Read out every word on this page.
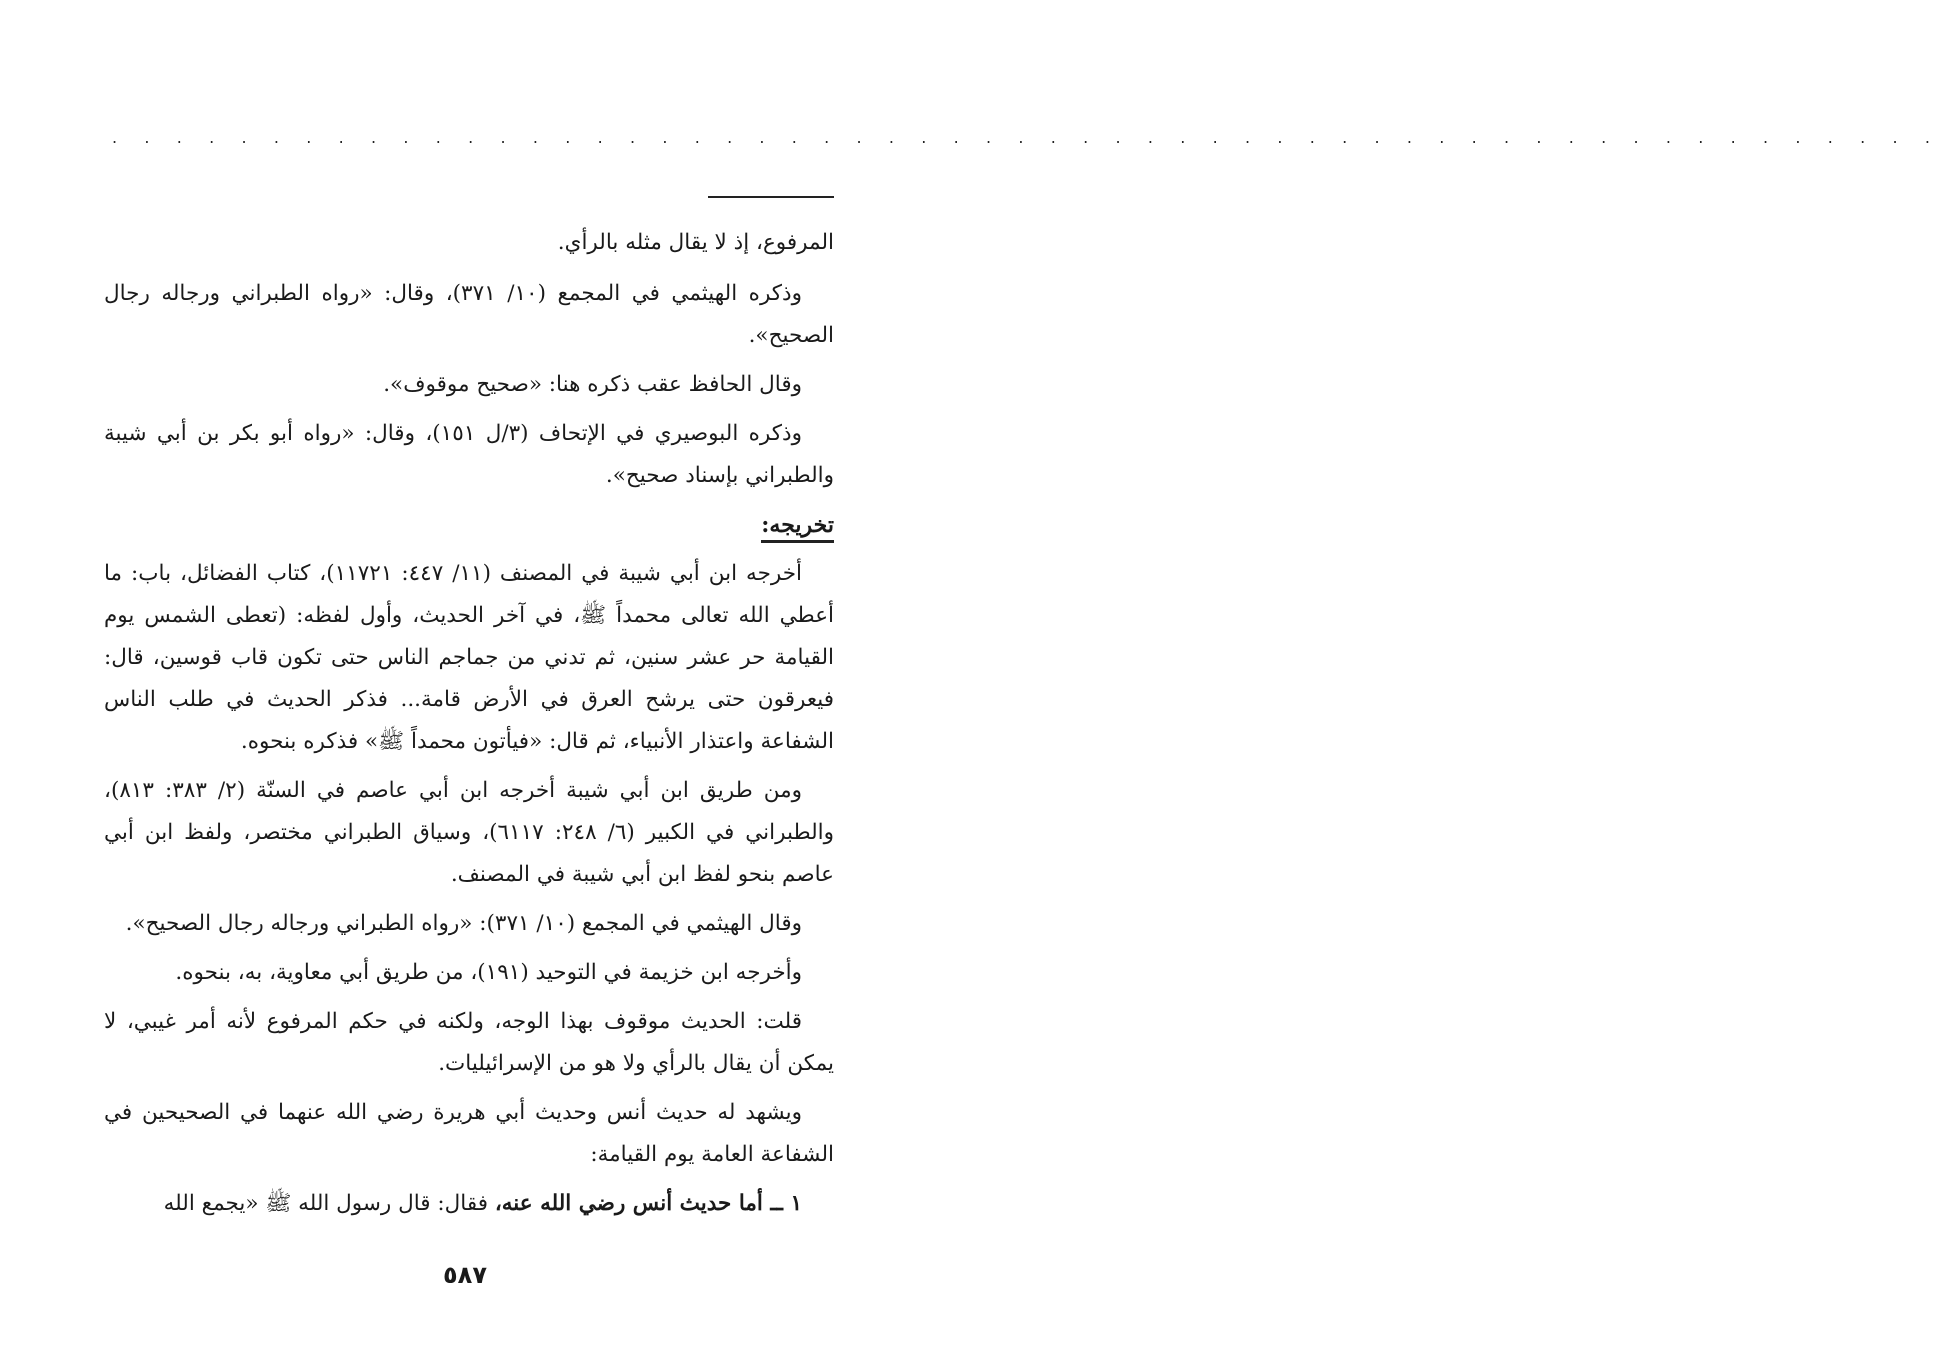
. . . . . . . . . . . . . . . . . . . . . . . . . . . . . . . . . . . . . . . . . . . . . . . . . . . . . . . . .

المرفوع، إذ لا يقال مثله بالرأي.

وذكره الهيثمي في المجمع (١٠/ ٣٧١)، وقال: «رواه الطبراني ورجاله رجال الصحيح».

وقال الحافظ عقب ذكره هنا: «صحيح موقوف».

وذكره البوصيري في الإتحاف (٣/ل ١٥١)، وقال: «رواه أبو بكر بن أبي شيبة والطبراني بإسناد صحيح».

تخريجه:

أخرجه ابن أبي شيبة في المصنف (١١/ ٤٤٧: ١١٧٢١)، كتاب الفضائل، باب: ما أعطي الله تعالى محمداً ﷺ، في آخر الحديث، وأول لفظه: (تعطى الشمس يوم القيامة حر عشر سنين، ثم تدني من جماجم الناس حتى تكون قاب قوسين، قال: فيعرقون حتى يرشح العرق في الأرض قامة... فذكر الحديث في طلب الناس الشفاعة واعتذار الأنبياء، ثم قال: «فيأتون محمداً ﷺ» فذكره بنحوه.

ومن طريق ابن أبي شيبة أخرجه ابن أبي عاصم في السنّة (٢/ ٣٨٣: ٨١٣)، والطبراني في الكبير (٦/ ٢٤٨: ٦١١٧)، وسياق الطبراني مختصر، ولفظ ابن أبي عاصم بنحو لفظ ابن أبي شيبة في المصنف.

وقال الهيثمي في المجمع (١٠/ ٣٧١): «رواه الطبراني ورجاله رجال الصحيح».

وأخرجه ابن خزيمة في التوحيد (١٩١)، من طريق أبي معاوية، به، بنحوه.

قلت: الحديث موقوف بهذا الوجه، ولكنه في حكم المرفوع لأنه أمر غيبي، لا يمكن أن يقال بالرأي ولا هو من الإسرائيليات.

ويشهد له حديث أنس وحديث أبي هريرة رضي الله عنهما في الصحيحين في الشفاعة العامة يوم القيامة:

١ ــ أما حديث أنس رضي الله عنه، فقال: قال رسول الله ﷺ «يجمع الله

٥٨٧
